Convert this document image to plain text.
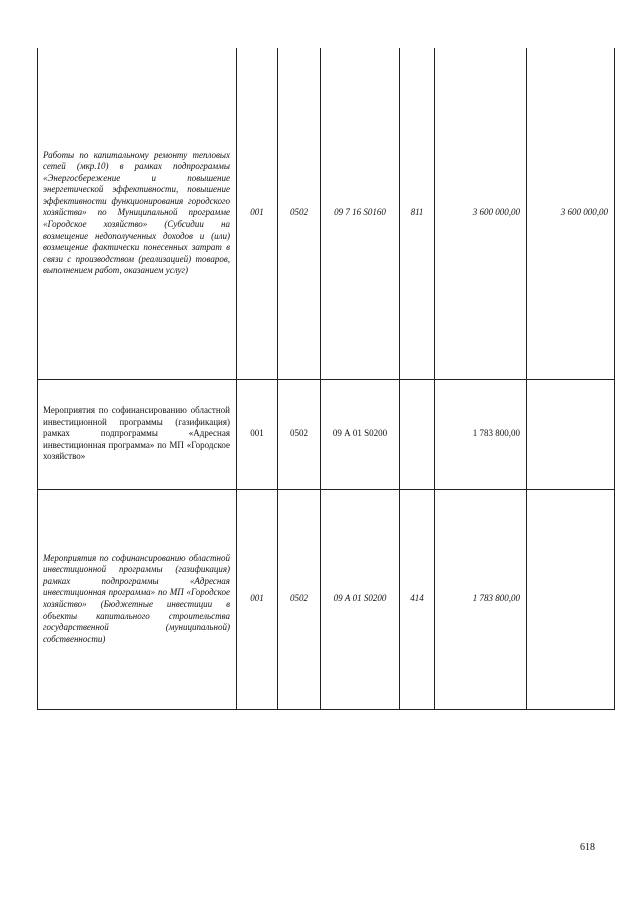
Работы по капитальному ремонту тепловых сетей (мкр.10) в рамках подпрограммы «Энергосбережение и повышение энергетической эффективности, повышение эффективности функционирования городского хозяйства» по Муниципальной программе «Городское хозяйство» (Субсидии на возмещение недополученных доходов и (или) возмещение фактически понесенных затрат в связи с производством (реализацией) товаров, выполнением работ, оказанием услуг)	001	0502	09 7 16 S0160	811	3 600 000,00	3 600 000,00
Мероприятия по софинансированию областной инвестиционной программы (газификация) рамках подпрограммы «Адресная инвестиционная программа» по МП «Городское хозяйство»	001	0502	09 А 01 S0200		1 783 800,00	
Мероприятия по софинансированию областной инвестиционной программы (газификация) рамках подпрограммы «Адресная инвестиционная программа» по МП «Городское хозяйство» (Бюджетные инвестиции в объекты капитального строительства государственной (муниципальной) собственности)	001	0502	09 А 01 S0200	414	1 783 800,00	
618
